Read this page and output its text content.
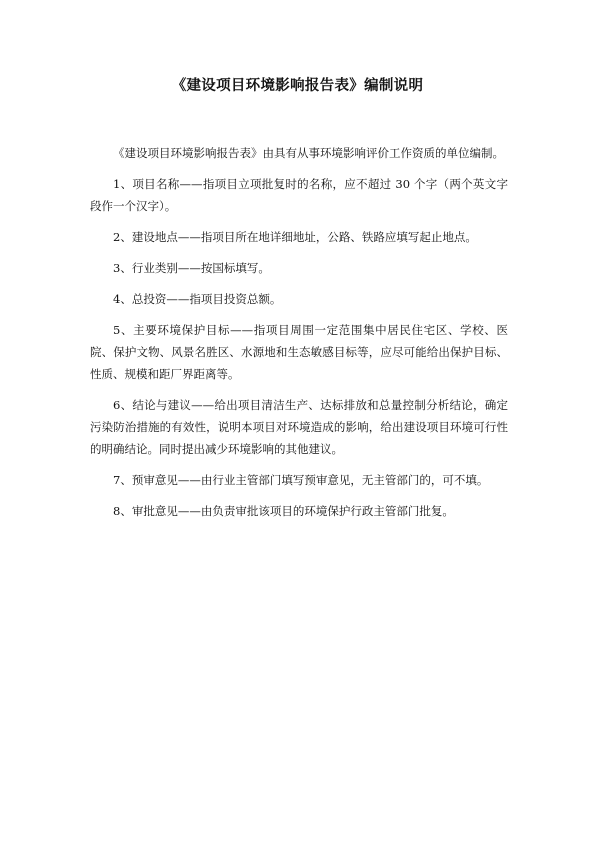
《建设项目环境影响报告表》编制说明

《建设项目环境影响报告表》由具有从事环境影响评价工作资质的单位编制。

1、项目名称——指项目立项批复时的名称，应不超过 30 个字（两个英文字段作一个汉字）。

2、建设地点——指项目所在地详细地址，公路、铁路应填写起止地点。

3、行业类别——按国标填写。

4、总投资——指项目投资总额。

5、主要环境保护目标——指项目周围一定范围集中居民住宅区、学校、医院、保护文物、风景名胜区、水源地和生态敏感目标等，应尽可能给出保护目标、性质、规模和距厂界距离等。

6、结论与建议——给出项目清洁生产、达标排放和总量控制分析结论，确定污染防治措施的有效性，说明本项目对环境造成的影响，给出建设项目环境可行性的明确结论。同时提出减少环境影响的其他建议。

7、预审意见——由行业主管部门填写预审意见，无主管部门的，可不填。

8、审批意见——由负责审批该项目的环境保护行政主管部门批复。
